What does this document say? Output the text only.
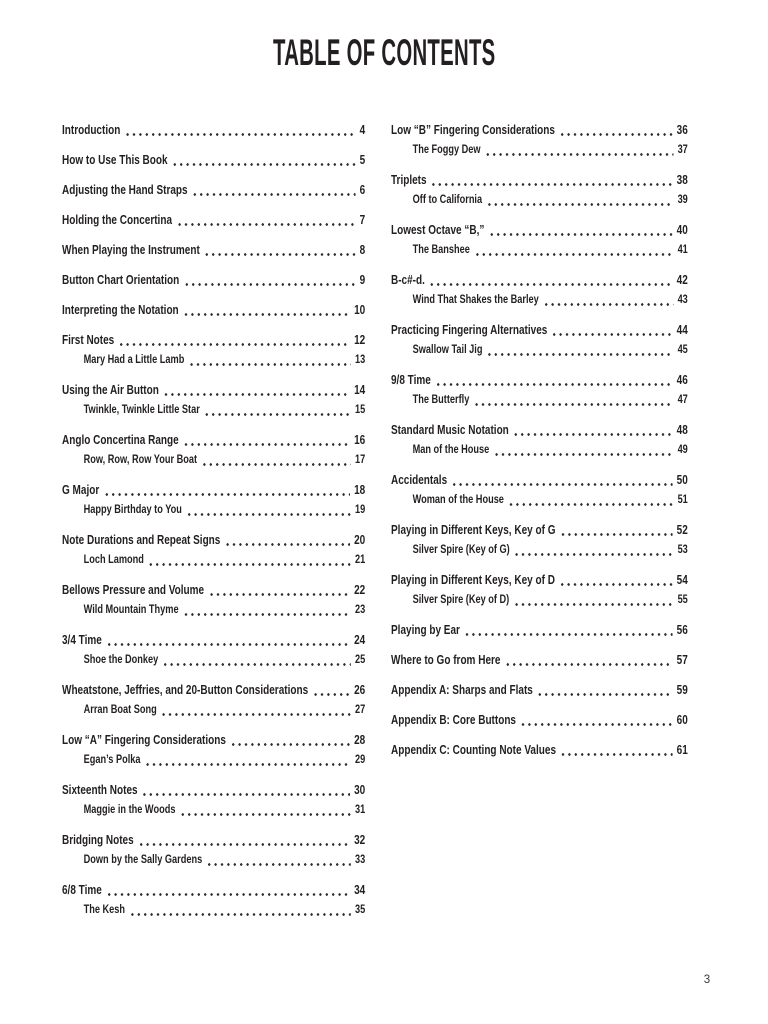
TABLE OF CONTENTS
Introduction	4
How to Use This Book	5
Adjusting the Hand Straps	6
Holding the Concertina	7
When Playing the Instrument	8
Button Chart Orientation	9
Interpreting the Notation	10
First Notes	12
Mary Had a Little Lamb	13
Using the Air Button	14
Twinkle, Twinkle Little Star	15
Anglo Concertina Range	16
Row, Row, Row Your Boat	17
G Major	18
Happy Birthday to You	19
Note Durations and Repeat Signs	20
Loch Lamond	21
Bellows Pressure and Volume	22
Wild Mountain Thyme	23
3/4 Time	24
Shoe the Donkey	25
Wheatstone, Jeffries, and 20-Button Considerations	26
Arran Boat Song	27
Low “A” Fingering Considerations	28
Egan’s Polka	29
Sixteenth Notes	30
Maggie in the Woods	31
Bridging Notes	32
Down by the Sally Gardens	33
6/8 Time	34
The Kesh	35
Low “B” Fingering Considerations	36
The Foggy Dew	37
Triplets	38
Off to California	39
Lowest Octave “B,”	40
The Banshee	41
B-c#-d.	42
Wind That Shakes the Barley	43
Practicing Fingering Alternatives	44
Swallow Tail Jig	45
9/8 Time	46
The Butterfly	47
Standard Music Notation	48
Man of the House	49
Accidentals	50
Woman of the House	51
Playing in Different Keys, Key of G	52
Silver Spire (Key of G)	53
Playing in Different Keys, Key of D	54
Silver Spire (Key of D)	55
Playing by Ear	56
Where to Go from Here	57
Appendix A: Sharps and Flats	59
Appendix B: Core Buttons	60
Appendix C: Counting Note Values	61
3
